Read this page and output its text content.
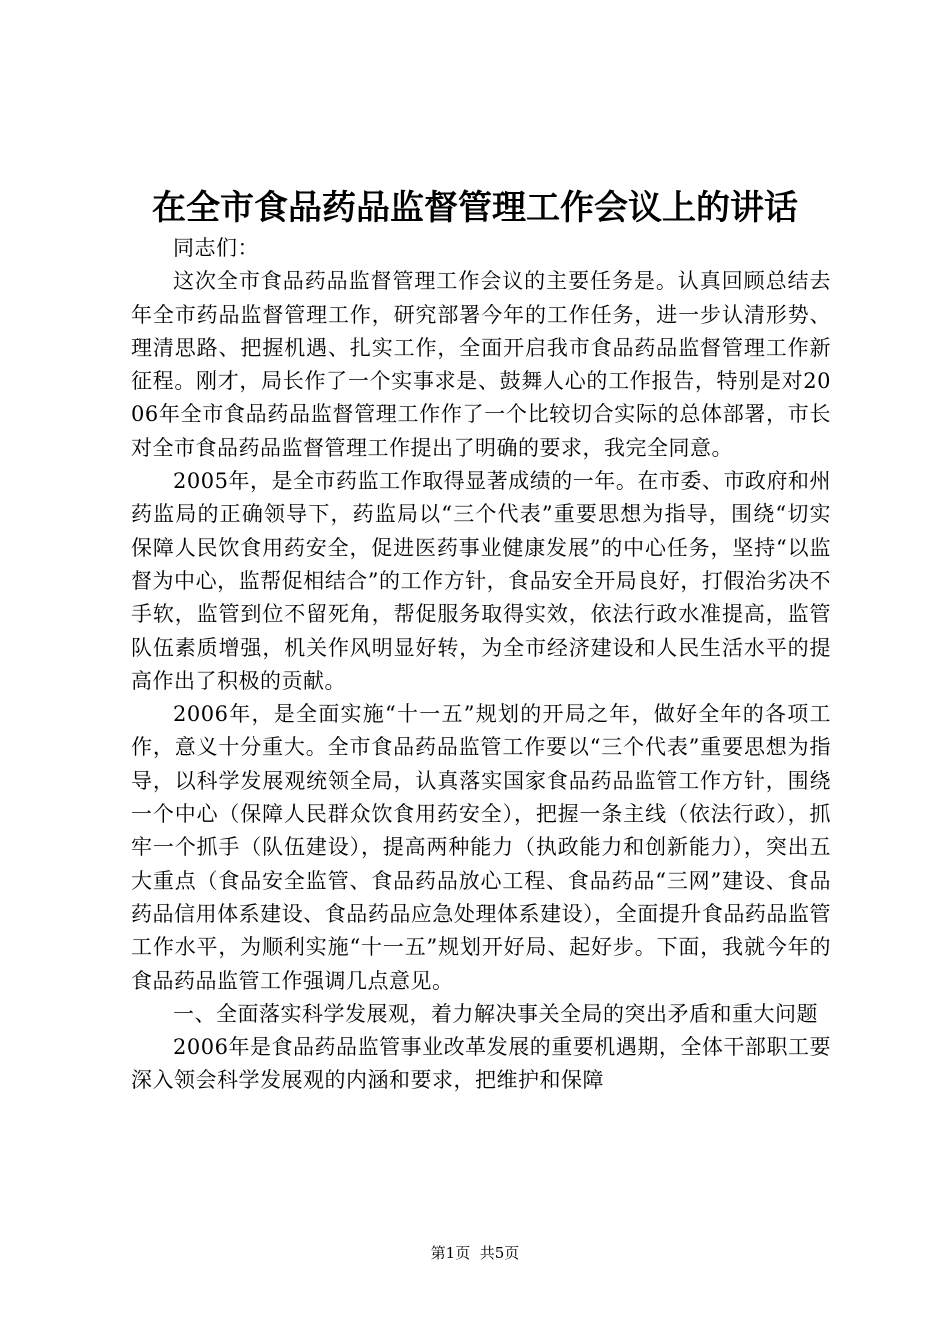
在全市食品药品监督管理工作会议上的讲话

同志们：

这次全市食品药品监督管理工作会议的主要任务是。认真回顾总结去年全市药品监督管理工作，研究部署今年的工作任务，进一步认清形势、理清思路、把握机遇、扎实工作，全面开启我市食品药品监督管理工作新征程。刚才，局长作了一个实事求是、鼓舞人心的工作报告，特别是对2006年全市食品药品监督管理工作作了一个比较切合实际的总体部署，市长对全市食品药品监督管理工作提出了明确的要求，我完全同意。

2005年，是全市药监工作取得显著成绩的一年。在市委、市政府和州药监局的正确领导下，药监局以“三个代表”重要思想为指导，围绕“切实保障人民饮食用药安全，促进医药事业健康发展”的中心任务，坚持“以监督为中心，监帮促相结合”的工作方针，食品安全开局良好，打假治劣决不手软，监管到位不留死角，帮促服务取得实效，依法行政水准提高，监管队伍素质增强，机关作风明显好转，为全市经济建设和人民生活水平的提高作出了积极的贡献。

2006年，是全面实施“十一五”规划的开局之年，做好全年的各项工作，意义十分重大。全市食品药品监管工作要以“三个代表”重要思想为指导，以科学发展观统领全局，认真落实国家食品药品监管工作方针，围绕一个中心（保障人民群众饮食用药安全），把握一条主线（依法行政），抓牢一个抓手（队伍建设），提高两种能力（执政能力和创新能力），突出五大重点（食品安全监管、食品药品放心工程、食品药品“三网”建设、食品药品信用体系建设、食品药品应急处理体系建设），全面提升食品药品监管工作水平，为顺利实施“十一五”规划开好局、起好步。下面，我就今年的食品药品监管工作强调几点意见。

一、全面落实科学发展观，着力解决事关全局的突出矛盾和重大问题

2006年是食品药品监管事业改革发展的重要机遇期，全体干部职工要深入领会科学发展观的内涵和要求，把维护和保障

第1页 共5页
